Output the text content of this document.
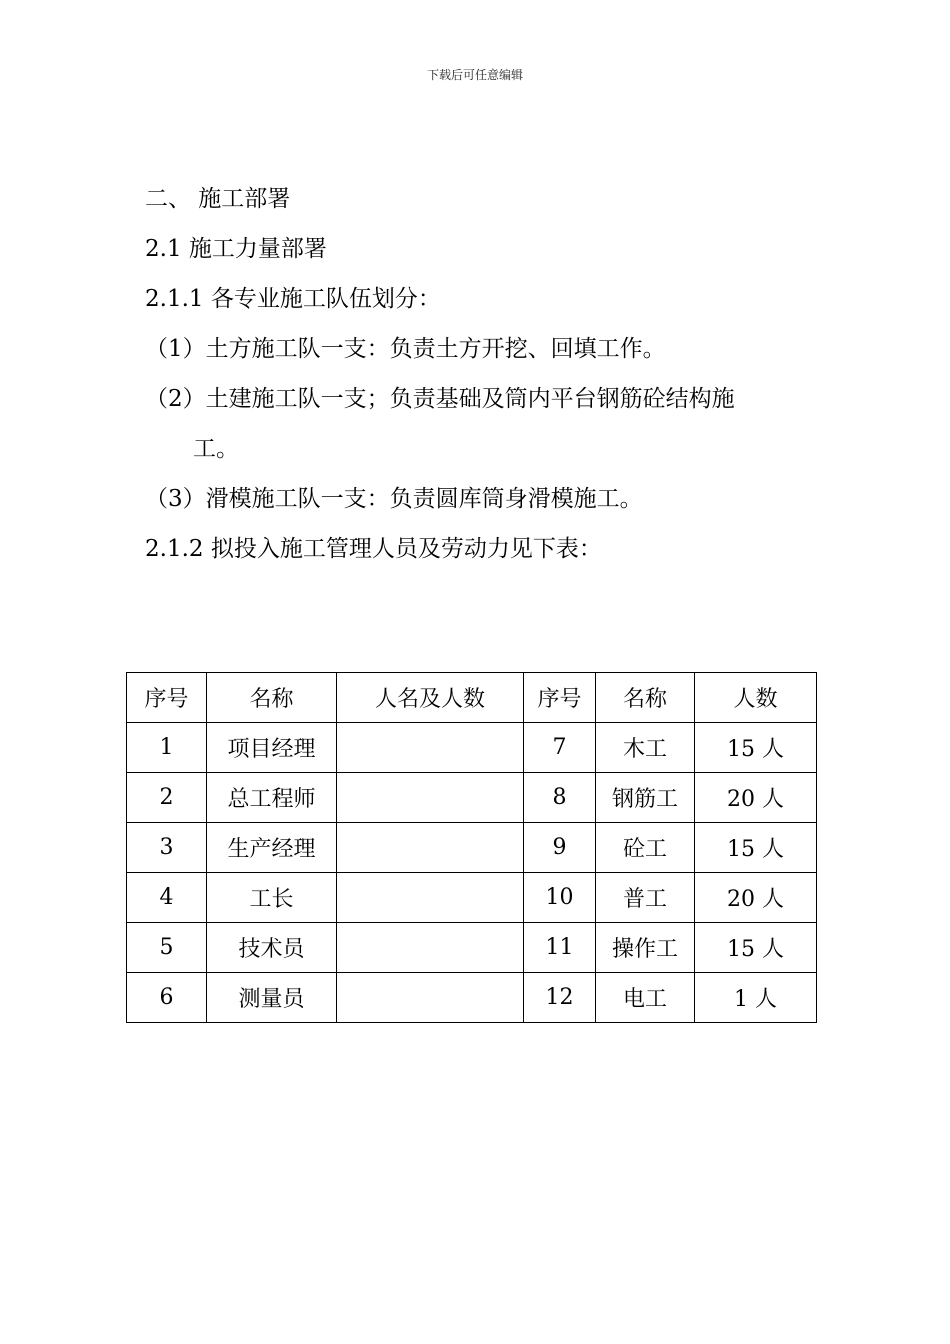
下载后可任意编辑
二、 施工部署
2.1 施工力量部署
2.1.1 各专业施工队伍划分：
（1）土方施工队一支：负责土方开挖、回填工作。
（2）土建施工队一支；负责基础及筒内平台钢筋砼结构施
工。
（3）滑模施工队一支：负责圆库筒身滑模施工。
2.1.2 拟投入施工管理人员及劳动力见下表：
序号	名称	人名及人数	序号	名称	人数
1	项目经理		7	木工	15 人
2	总工程师		8	钢筋工	20 人
3	生产经理		9	砼工	15 人
4	工长		10	普工	20 人
5	技术员		11	操作工	15 人
6	测量员		12	电工	1 人
